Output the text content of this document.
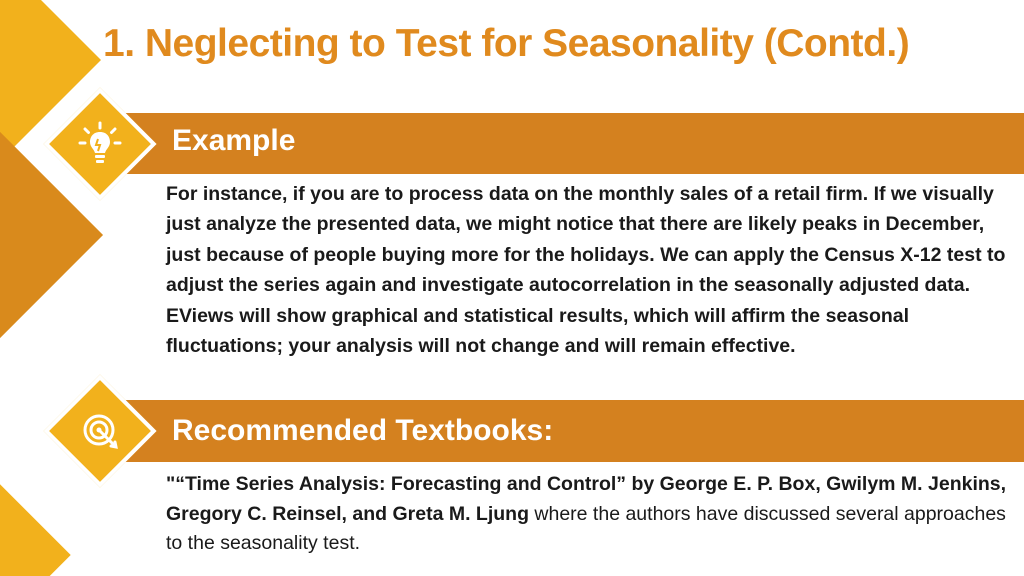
1. Neglecting to Test for Seasonality (Contd.)
Example
For instance, if you are to process data on the monthly sales of a retail firm. If we visually just analyze the presented data, we might notice that there are likely peaks in December, just because of people buying more for the holidays. We can apply the Census X-12 test to adjust the series again and investigate autocorrelation in the seasonally adjusted data. EViews will show graphical and statistical results, which will affirm the seasonal fluctuations; your analysis will not change and will remain effective.
Recommended Textbooks:
"“Time Series Analysis: Forecasting and Control” by George E. P. Box, Gwilym M. Jenkins, Gregory C. Reinsel, and Greta M. Ljung where the authors have discussed several approaches to the seasonality test.
